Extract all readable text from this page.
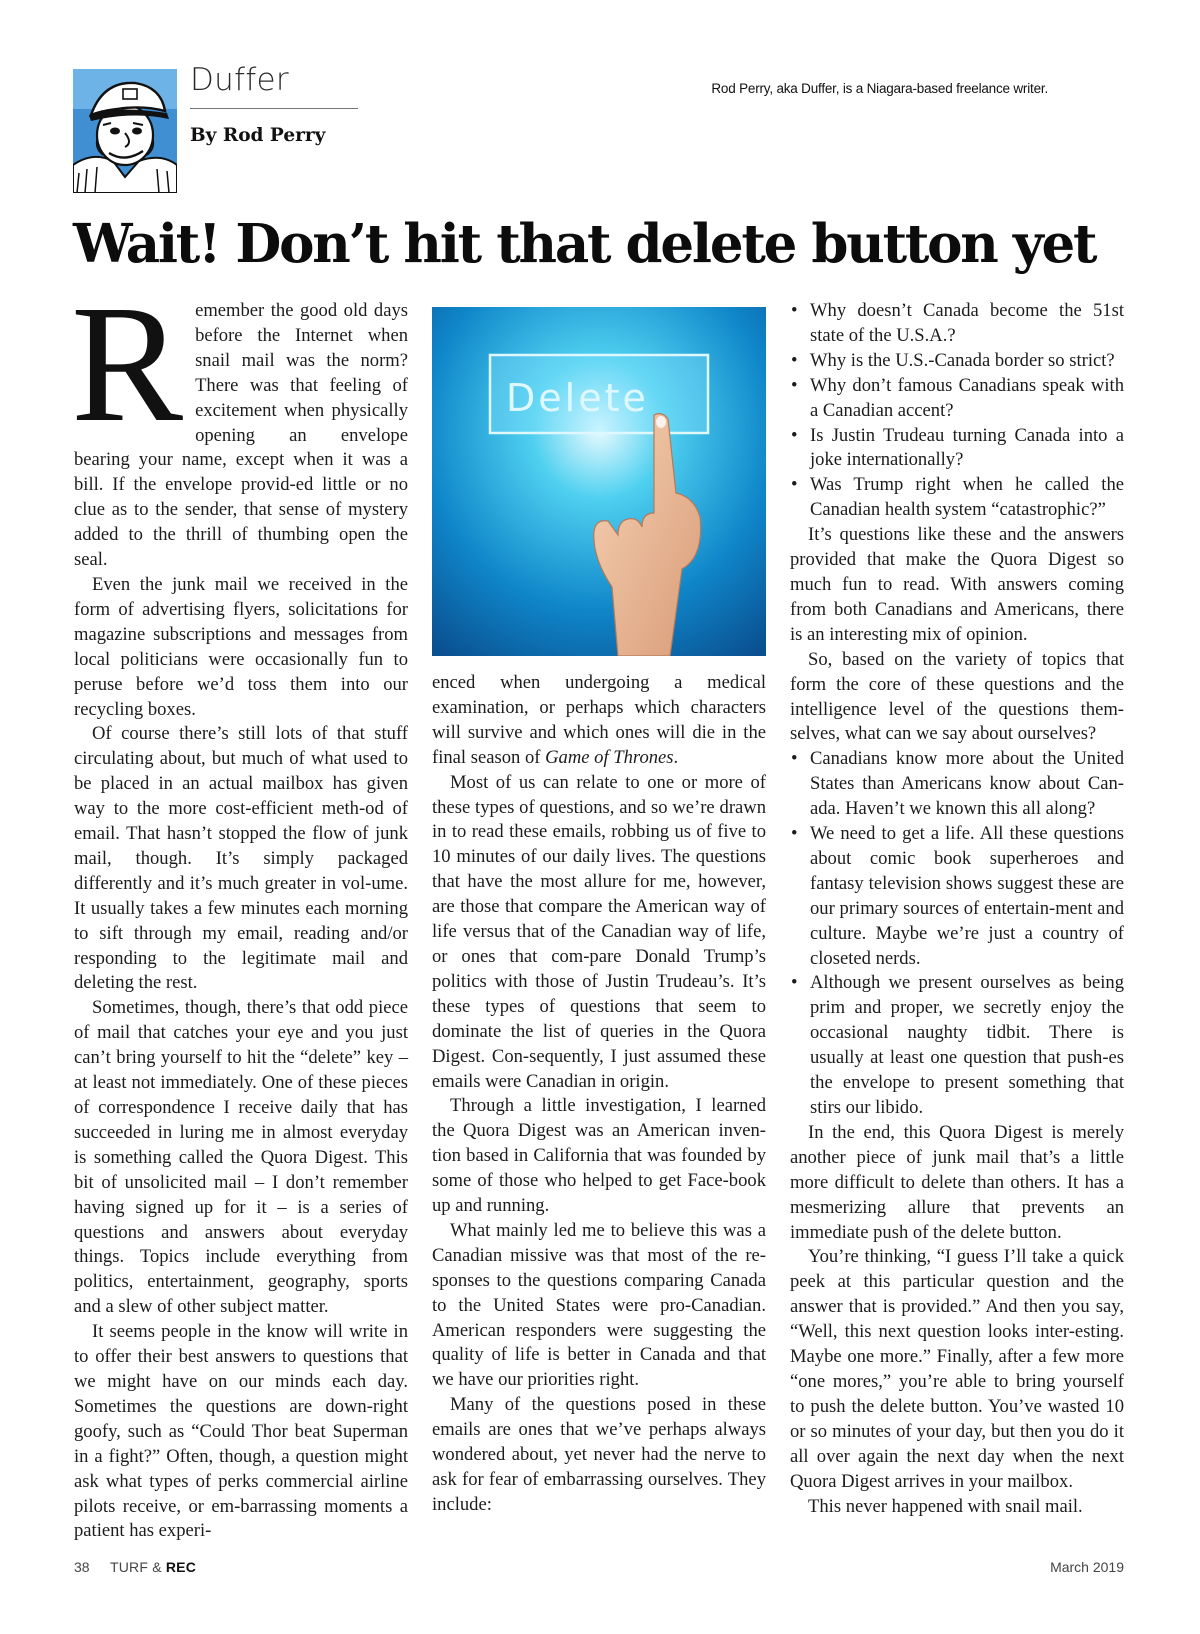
Duffer
By Rod Perry
Rod Perry, aka Duffer, is a Niagara-based freelance writer.
Wait! Don’t hit that delete button yet

Remember the good old days before the Internet when snail mail was the norm? There was that feeling of excitement when physically opening an envelope bearing your name, except when it was a bill. If the envelope provid-ed little or no clue as to the sender, that sense of mystery added to the thrill of thumbing open the seal.

Even the junk mail we received in the form of advertising flyers, solicitations for magazine subscriptions and messages from local politicians were occasionally fun to peruse before we’d toss them into our recycling boxes.

Of course there’s still lots of that stuff circulating about, but much of what used to be placed in an actual mailbox has given way to the more cost-efficient meth-od of email. That hasn’t stopped the flow of junk mail, though. It’s simply packaged differently and it’s much greater in vol-ume. It usually takes a few minutes each morning to sift through my email, reading and/or responding to the legitimate mail and deleting the rest.

Sometimes, though, there’s that odd piece of mail that catches your eye and you just can’t bring yourself to hit the “delete” key – at least not immediately. One of these pieces of correspondence I receive daily that has succeeded in luring me in almost everyday is something called the Quora Digest. This bit of unsolicited mail – I don’t remember having signed up for it – is a series of questions and answers about everyday things. Topics include everything from politics, entertainment, geography, sports and a slew of other subject matter.

It seems people in the know will write in to offer their best answers to questions that we might have on our minds each day. Sometimes the questions are down-right goofy, such as “Could Thor beat Superman in a fight?” Often, though, a question might ask what types of perks commercial airline pilots receive, or em-barrassing moments a patient has experi-

Delete

enced when undergoing a medical examination, or perhaps which characters will survive and which ones will die in the final season of Game of Thrones.

Most of us can relate to one or more of these types of questions, and so we’re drawn in to read these emails, robbing us of five to 10 minutes of our daily lives. The questions that have the most allure for me, however, are those that compare the American way of life versus that of the Canadian way of life, or ones that com-pare Donald Trump’s politics with those of Justin Trudeau’s. It’s these types of questions that seem to dominate the list of queries in the Quora Digest. Con-sequently, I just assumed these emails were Canadian in origin.

Through a little investigation, I learned the Quora Digest was an American inven-tion based in California that was founded by some of those who helped to get Face-book up and running.

What mainly led me to believe this was a Canadian missive was that most of the re-sponses to the questions comparing Canada to the United States were pro-Canadian. American responders were suggesting the quality of life is better in Canada and that we have our priorities right.

Many of the questions posed in these emails are ones that we’ve perhaps always wondered about, yet never had the nerve to ask for fear of embarrassing ourselves. They include:

• Why doesn’t Canada become the 51st state of the U.S.A.?
• Why is the U.S.-Canada border so strict?
• Why don’t famous Canadians speak with a Canadian accent?
• Is Justin Trudeau turning Canada into a joke internationally?
• Was Trump right when he called the Canadian health system “catastrophic?”

It’s questions like these and the answers provided that make the Quora Digest so much fun to read. With answers coming from both Canadians and Americans, there is an interesting mix of opinion.

So, based on the variety of topics that form the core of these questions and the intelligence level of the questions them-selves, what can we say about ourselves?

• Canadians know more about the United States than Americans know about Can-ada. Haven’t we known this all along?
• We need to get a life. All these questions about comic book superheroes and fantasy television shows suggest these are our primary sources of entertain-ment and culture. Maybe we’re just a country of closeted nerds.
• Although we present ourselves as being prim and proper, we secretly enjoy the occasional naughty tidbit. There is usually at least one question that push-es the envelope to present something that stirs our libido.

In the end, this Quora Digest is merely another piece of junk mail that’s a little more difficult to delete than others. It has a mesmerizing allure that prevents an immediate push of the delete button.

You’re thinking, “I guess I’ll take a quick peek at this particular question and the answer that is provided.” And then you say, “Well, this next question looks inter-esting. Maybe one more.” Finally, after a few more “one mores,” you’re able to bring yourself to push the delete button. You’ve wasted 10 or so minutes of your day, but then you do it all over again the next day when the next Quora Digest arrives in your mailbox.

This never happened with snail mail.

38 TURF & REC	March 2019
